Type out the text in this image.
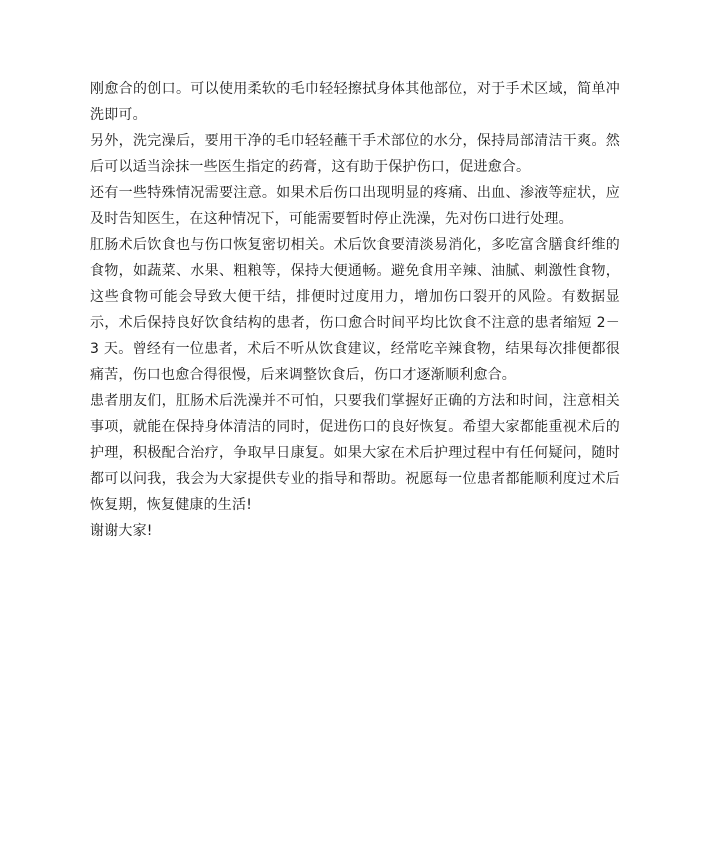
刚愈合的创口。可以使用柔软的毛巾轻轻擦拭身体其他部位，对于手术区域，简单冲洗即可。

另外，洗完澡后，要用干净的毛巾轻轻蘸干手术部位的水分，保持局部清洁干爽。然后可以适当涂抹一些医生指定的药膏，这有助于保护伤口，促进愈合。

还有一些特殊情况需要注意。如果术后伤口出现明显的疼痛、出血、渗液等症状，应及时告知医生，在这种情况下，可能需要暂时停止洗澡，先对伤口进行处理。

肛肠术后饮食也与伤口恢复密切相关。术后饮食要清淡易消化，多吃富含膳食纤维的食物，如蔬菜、水果、粗粮等，保持大便通畅。避免食用辛辣、油腻、刺激性食物，这些食物可能会导致大便干结，排便时过度用力，增加伤口裂开的风险。有数据显示，术后保持良好饮食结构的患者，伤口愈合时间平均比饮食不注意的患者缩短 2－3 天。曾经有一位患者，术后不听从饮食建议，经常吃辛辣食物，结果每次排便都很痛苦，伤口也愈合得很慢，后来调整饮食后，伤口才逐渐顺利愈合。

患者朋友们，肛肠术后洗澡并不可怕，只要我们掌握好正确的方法和时间，注意相关事项，就能在保持身体清洁的同时，促进伤口的良好恢复。希望大家都能重视术后的护理，积极配合治疗，争取早日康复。如果大家在术后护理过程中有任何疑问，随时都可以问我，我会为大家提供专业的指导和帮助。祝愿每一位患者都能顺利度过术后恢复期，恢复健康的生活!

谢谢大家!
